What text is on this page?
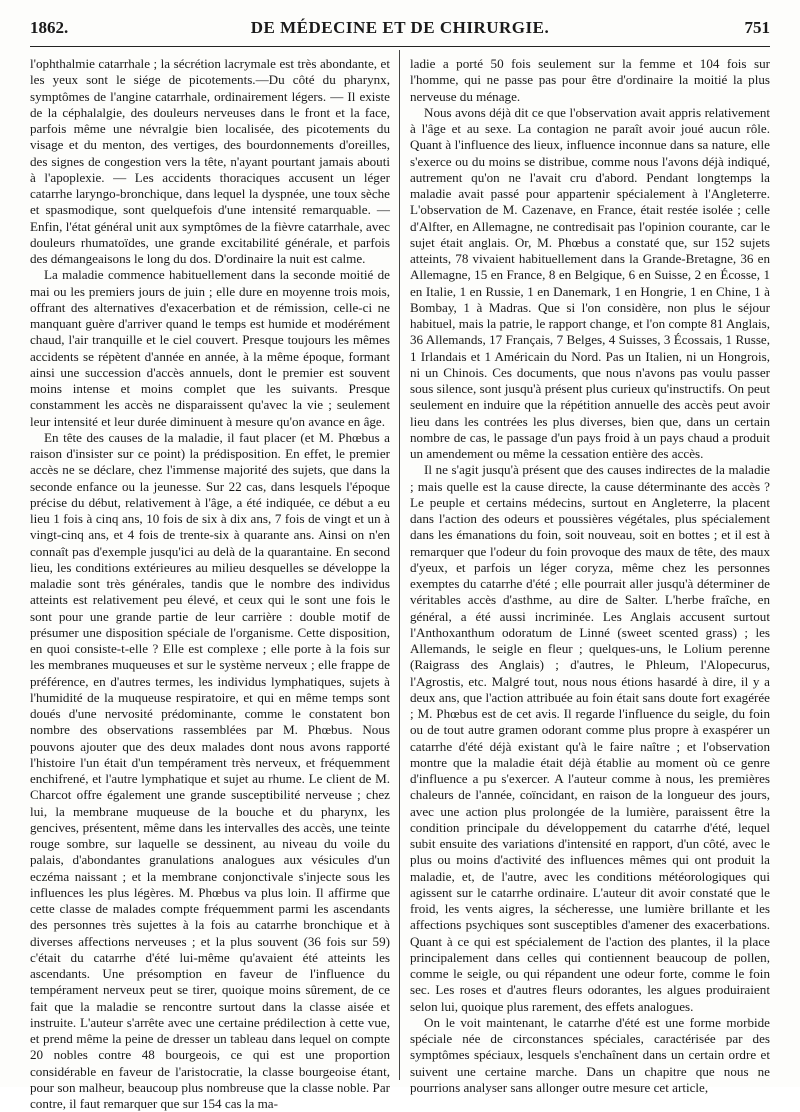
1862.	DE MÉDECINE ET DE CHIRURGIE.	751

l'ophthalmie catarrhale ; la sécrétion lacrymale est très abondante, et les yeux sont le siége de picotements.—Du côté du pharynx, symptômes de l'angine catarrhale, ordinairement légers. — Il existe de la céphalalgie, des douleurs nerveuses dans le front et la face, parfois même une névralgie bien localisée, des picotements du visage et du menton, des vertiges, des bourdonnements d'oreilles, des signes de congestion vers la tête, n'ayant pourtant jamais abouti à l'apoplexie. — Les accidents thoraciques accusent un léger catarrhe laryngo-bronchique, dans lequel la dyspnée, une toux sèche et spasmodique, sont quelquefois d'une intensité remarquable. — Enfin, l'état général unit aux symptômes de la fièvre catarrhale, avec douleurs rhumatoïdes, une grande excitabilité générale, et parfois des démangeaisons le long du dos. D'ordinaire la nuit est calme.

La maladie commence habituellement dans la seconde moitié de mai ou les premiers jours de juin ; elle dure en moyenne trois mois, offrant des alternatives d'exacerbation et de rémission, celle-ci ne manquant guère d'arriver quand le temps est humide et modérément chaud, l'air tranquille et le ciel couvert. Presque toujours les mêmes accidents se répètent d'année en année, à la même époque, formant ainsi une succession d'accès annuels, dont le premier est souvent moins intense et moins complet que les suivants. Presque constamment les accès ne disparaissent qu'avec la vie ; seulement leur intensité et leur durée diminuent à mesure qu'on avance en âge.

En tête des causes de la maladie, il faut placer (et M. Phœbus a raison d'insister sur ce point) la prédisposition. En effet, le premier accès ne se déclare, chez l'immense majorité des sujets, que dans la seconde enfance ou la jeunesse. Sur 22 cas, dans lesquels l'époque précise du début, relativement à l'âge, a été indiquée, ce début a eu lieu 1 fois à cinq ans, 10 fois de six à dix ans, 7 fois de vingt et un à vingt-cinq ans, et 4 fois de trente-six à quarante ans. Ainsi on n'en connaît pas d'exemple jusqu'ici au delà de la quarantaine. En second lieu, les conditions extérieures au milieu desquelles se développe la maladie sont très générales, tandis que le nombre des individus atteints est relativement peu élevé, et ceux qui le sont une fois le sont pour une grande partie de leur carrière : double motif de présumer une disposition spéciale de l'organisme. Cette disposition, en quoi consiste-t-elle ? Elle est complexe ; elle porte à la fois sur les membranes muqueuses et sur le système nerveux ; elle frappe de préférence, en d'autres termes, les individus lymphatiques, sujets à l'humidité de la muqueuse respiratoire, et qui en même temps sont doués d'une nervosité prédominante, comme le constatent bon nombre des observations rassemblées par M. Phœbus. Nous pouvons ajouter que des deux malades dont nous avons rapporté l'histoire l'un était d'un tempérament très nerveux, et fréquemment enchifrené, et l'autre lymphatique et sujet au rhume. Le client de M. Charcot offre également une grande susceptibilité nerveuse ; chez lui, la membrane muqueuse de la bouche et du pharynx, les gencives, présentent, même dans les intervalles des accès, une teinte rouge sombre, sur laquelle se dessinent, au niveau du voile du palais, d'abondantes granulations analogues aux vésicules d'un eczéma naissant ; et la membrane conjonctivale s'injecte sous les influences les plus légères. M. Phœbus va plus loin. Il affirme que cette classe de malades compte fréquemment parmi les ascendants des personnes très sujettes à la fois au catarrhe bronchique et à diverses affections nerveuses ; et la plus souvent (36 fois sur 59) c'était du catarrhe d'été lui-même qu'avaient été atteints les ascendants. Une présomption en faveur de l'influence du tempérament nerveux peut se tirer, quoique moins sûrement, de ce fait que la maladie se rencontre surtout dans la classe aisée et instruite. L'auteur s'arrête avec une certaine prédilection à cette vue, et prend même la peine de dresser un tableau dans lequel on compte 20 nobles contre 48 bourgeois, ce qui est une proportion considérable en faveur de l'aristocratie, la classe bourgeoise étant, pour son malheur, beaucoup plus nombreuse que la classe noble. Par contre, il faut remarquer que sur 154 cas la ma-

ladie a porté 50 fois seulement sur la femme et 104 fois sur l'homme, qui ne passe pas pour être d'ordinaire la moitié la plus nerveuse du ménage.

Nous avons déjà dit ce que l'observation avait appris relativement à l'âge et au sexe. La contagion ne paraît avoir joué aucun rôle. Quant à l'influence des lieux, influence inconnue dans sa nature, elle s'exerce ou du moins se distribue, comme nous l'avons déjà indiqué, autrement qu'on ne l'avait cru d'abord. Pendant longtemps la maladie avait passé pour appartenir spécialement à l'Angleterre. L'observation de M. Cazenave, en France, était restée isolée ; celle d'Alfter, en Allemagne, ne contredisait pas l'opinion courante, car le sujet était anglais. Or, M. Phœbus a constaté que, sur 152 sujets atteints, 78 vivaient habituellement dans la Grande-Bretagne, 36 en Allemagne, 15 en France, 8 en Belgique, 6 en Suisse, 2 en Écosse, 1 en Italie, 1 en Russie, 1 en Danemark, 1 en Hongrie, 1 en Chine, 1 à Bombay, 1 à Madras. Que si l'on considère, non plus le séjour habituel, mais la patrie, le rapport change, et l'on compte 81 Anglais, 36 Allemands, 17 Français, 7 Belges, 4 Suisses, 3 Écossais, 1 Russe, 1 Irlandais et 1 Américain du Nord. Pas un Italien, ni un Hongrois, ni un Chinois. Ces documents, que nous n'avons pas voulu passer sous silence, sont jusqu'à présent plus curieux qu'instructifs. On peut seulement en induire que la répétition annuelle des accès peut avoir lieu dans les contrées les plus diverses, bien que, dans un certain nombre de cas, le passage d'un pays froid à un pays chaud a produit un amendement ou même la cessation entière des accès.

Il ne s'agit jusqu'à présent que des causes indirectes de la maladie ; mais quelle est la cause directe, la cause déterminante des accès ? Le peuple et certains médecins, surtout en Angleterre, la placent dans l'action des odeurs et poussières végétales, plus spécialement dans les émanations du foin, soit nouveau, soit en bottes ; et il est à remarquer que l'odeur du foin provoque des maux de tête, des maux d'yeux, et parfois un léger coryza, même chez les personnes exemptes du catarrhe d'été ; elle pourrait aller jusqu'à déterminer de véritables accès d'asthme, au dire de Salter. L'herbe fraîche, en général, a été aussi incriminée. Les Anglais accusent surtout l'Anthoxanthum odoratum de Linné (sweet scented grass) ; les Allemands, le seigle en fleur ; quelques-uns, le Lolium perenne (Raigrass des Anglais) ; d'autres, le Phleum, l'Alopecurus, l'Agrostis, etc. Malgré tout, nous nous étions hasardé à dire, il y a deux ans, que l'action attribuée au foin était sans doute fort exagérée ; M. Phœbus est de cet avis. Il regarde l'influence du seigle, du foin ou de tout autre gramen odorant comme plus propre à exaspérer un catarrhe d'été déjà existant qu'à le faire naître ; et l'observation montre que la maladie était déjà établie au moment où ce genre d'influence a pu s'exercer. A l'auteur comme à nous, les premières chaleurs de l'année, coïncidant, en raison de la longueur des jours, avec une action plus prolongée de la lumière, paraissent être la condition principale du développement du catarrhe d'été, lequel subit ensuite des variations d'intensité en rapport, d'un côté, avec le plus ou moins d'activité des influences mêmes qui ont produit la maladie, et, de l'autre, avec les conditions météorologiques qui agissent sur le catarrhe ordinaire. L'auteur dit avoir constaté que le froid, les vents aigres, la sécheresse, une lumière brillante et les affections psychiques sont susceptibles d'amener des exacerbations. Quant à ce qui est spécialement de l'action des plantes, il la place principalement dans celles qui contiennent beaucoup de pollen, comme le seigle, ou qui répandent une odeur forte, comme le foin sec. Les roses et d'autres fleurs odorantes, les algues produiraient selon lui, quoique plus rarement, des effets analogues.

On le voit maintenant, le catarrhe d'été est une forme morbide spéciale née de circonstances spéciales, caractérisée par des symptômes spéciaux, lesquels s'enchaînent dans un certain ordre et suivent une certaine marche. Dans un chapitre que nous ne pourrions analyser sans allonger outre mesure cet article,
